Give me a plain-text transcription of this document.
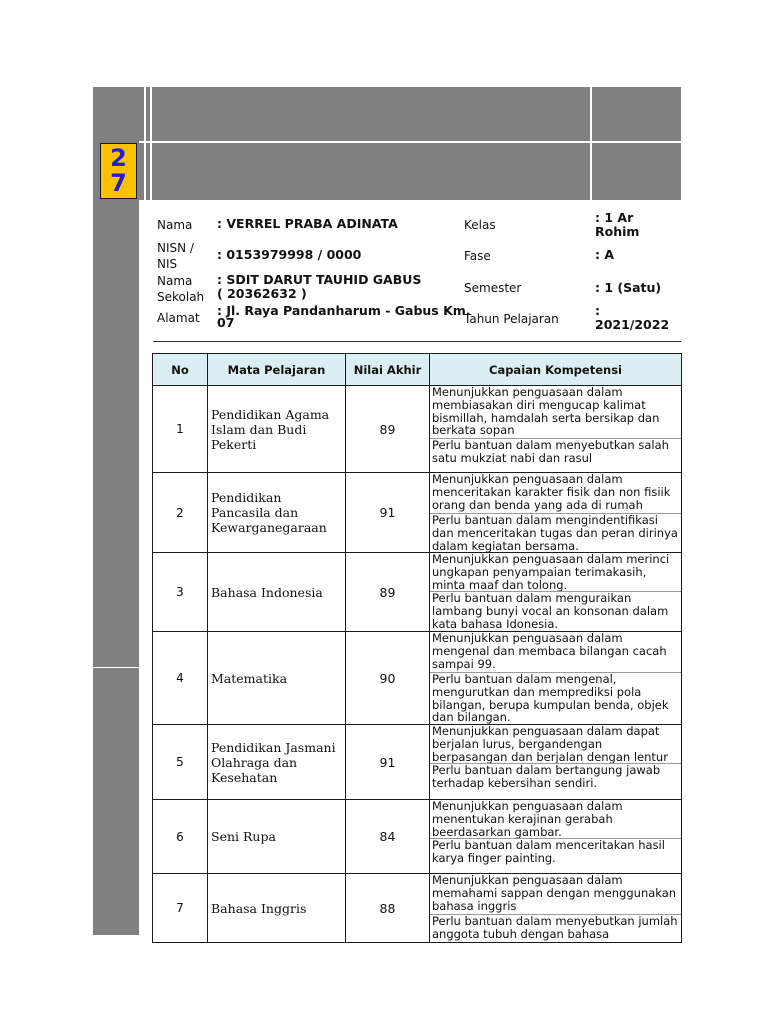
2
7
Nama : VERREL PRABA ADINATA
NISN /
NIS
: 0153979998 / 0000
Nama
Sekolah
: SDIT DARUT TAUHID GABUS
( 20362632 )
Alamat : Jl. Raya Pandanharum - Gabus Km.
07
Kelas	: 1 Ar
Rohim
Fase	: A
Semester	: 1 (Satu)
Tahun Pelajaran
:
2021/2022
No	Mata Pelajaran	Nilai Akhir	Capaian Kompetensi
1	Pendidikan Agama Islam dan Budi Pekerti	89	Menunjukkan penguasaan dalam membiasakan diri mengucap kalimat bismillah, hamdalah serta bersikap dan berkata sopan
Perlu bantuan dalam menyebutkan salah satu mukziat nabi dan rasul

2	Pendidikan Pancasila dan Kewarganegaraan	91	Menunjukkan penguasaan dalam menceritakan karakter fisik dan non fisiik orang dan benda yang ada di rumah
Perlu bantuan dalam mengindentifikasi dan menceritakan tugas dan peran dirinya dalam kegiatan bersama.

3	Bahasa Indonesia	89	Menunjukkan penguasaan dalam merinci ungkapan penyampaian terimakasih, minta maaf dan tolong.
Perlu bantuan dalam menguraikan lambang bunyi vocal an konsonan dalam kata bahasa Idonesia.

4	Matematika	90	Menunjukkan penguasaan dalam mengenal dan membaca bilangan cacah sampai 99.
Perlu bantuan dalam mengenal, mengurutkan dan memprediksi pola bilangan, berupa kumpulan benda, objek dan bilangan.

5	Pendidikan Jasmani Olahraga dan Kesehatan	91	Menunjukkan penguasaan dalam dapat berjalan lurus, bergandengan berpasangan dan berjalan dengan lentur
Perlu bantuan dalam bertangung jawab terhadap kebersihan sendiri.

6	Seni Rupa	84	Menunjukkan penguasaan dalam menentukan kerajinan gerabah beerdasarkan gambar.
Perlu bantuan dalam menceritakan hasil karya finger painting.

7	Bahasa Inggris	88	Menunjukkan penguasaan dalam memahami sappan dengan menggunakan bahasa inggris
Perlu bantuan dalam menyebutkan jumlah anggota tubuh dengan bahasa
